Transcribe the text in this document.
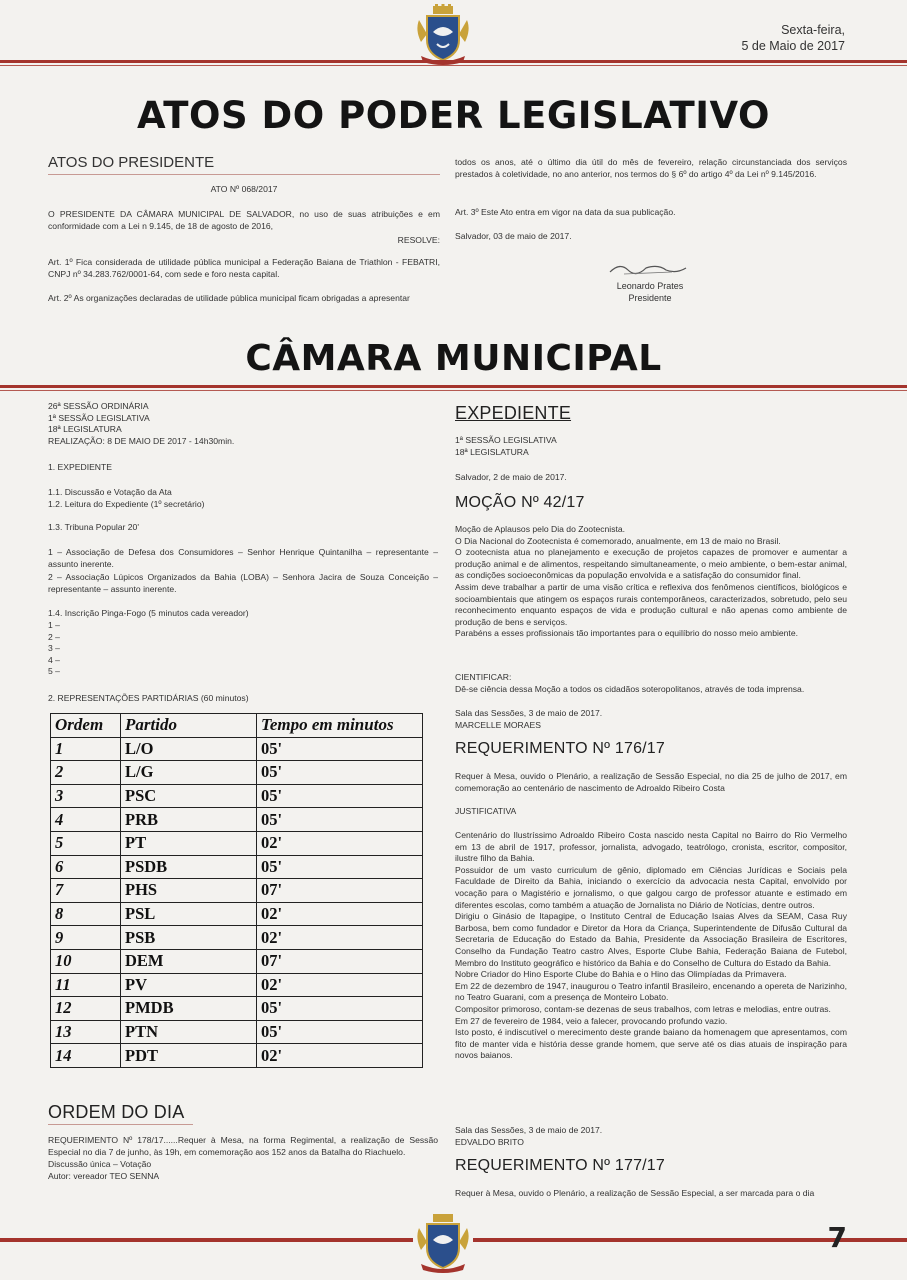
Sexta-feira,
5 de Maio de 2017
ATOS DO PODER LEGISLATIVO
ATOS DO PRESIDENTE
ATO Nº 068/2017
O PRESIDENTE DA CÂMARA MUNICIPAL DE SALVADOR, no uso de suas atribuições e em conformidade com a Lei n 9.145, de 18 de agosto de 2016,
RESOLVE:
Art. 1º Fica considerada de utilidade pública municipal a Federação Baiana de Triathlon - FEBATRI, CNPJ nº 34.283.762/0001-64, com sede e foro nesta capital.
Art. 2º As organizações declaradas de utilidade pública municipal ficam obrigadas a apresentar
todos os anos, até o último dia útil do mês de fevereiro, relação circunstanciada dos serviços prestados à coletividade, no ano anterior, nos termos do § 6º do artigo 4º da Lei nº 9.145/2016.
Art. 3º Este Ato entra em vigor na data da sua publicação.
Salvador, 03 de maio de 2017.
Leonardo Prates
Presidente
CÂMARA MUNICIPAL
26ª SESSÃO ORDINÁRIA
1ª SESSÃO LEGISLATIVA
18ª LEGISLATURA
REALIZAÇÃO: 8 DE MAIO DE 2017 - 14h30min.
1. EXPEDIENTE
1.1. Discussão e Votação da Ata
1.2. Leitura do Expediente (1º secretário)
1.3. Tribuna Popular 20'
1 – Associação de Defesa dos Consumidores – Senhor Henrique Quintanilha – representante – assunto inerente.
2 – Associação Lúpicos Organizados da Bahia (LOBA) – Senhora Jacira de Souza Conceição – representante – assunto inerente.
1.4. Inscrição Pinga-Fogo (5 minutos cada vereador)
1 –
2 –
3 –
4 –
5 –
2. REPRESENTAÇÕES PARTIDÁRIAS (60 minutos)
Ordem	Partido	Tempo em minutos
1	L/O	05'
2	L/G	05'
3	PSC	05'
4	PRB	05'
5	PT	02'
6	PSDB	05'
7	PHS	07'
8	PSL	02'
9	PSB	02'
10	DEM	07'
11	PV	02'
12	PMDB	05'
13	PTN	05'
14	PDT	02'
ORDEM DO DIA
REQUERIMENTO Nº 178/17......Requer à Mesa, na forma Regimental, a realização de Sessão Especial no dia 7 de junho, às 19h, em comemoração aos 152 anos da Batalha do Riachuelo.
Discussão única – Votação
Autor: vereador TEO SENNA
EXPEDIENTE
1ª SESSÃO LEGISLATIVA
18ª LEGISLATURA
Salvador, 2 de maio de 2017.
MOÇÃO Nº 42/17
Moção de Aplausos pelo Dia do Zootecnista.
O Dia Nacional do Zootecnista é comemorado, anualmente, em 13 de maio no Brasil.
O zootecnista atua no planejamento e execução de projetos capazes de promover e aumentar a produção animal e de alimentos, respeitando simultaneamente, o meio ambiente, o bem-estar animal, as condições socioeconômicas da população envolvida e a satisfação do consumidor final.
Assim deve trabalhar a partir de uma visão crítica e reflexiva dos fenômenos científicos, biológicos e socioambientais que atingem os espaços rurais contemporâneos, caracterizados, sobretudo, pelo seu reconhecimento enquanto espaços de vida e produção cultural e não apenas como ambiente de produção de bens e serviços.
Parabéns a esses profissionais tão importantes para o equilíbrio do nosso meio ambiente.
CIENTIFICAR:
Dê-se ciência dessa Moção a todos os cidadãos soteropolitanos, através de toda imprensa.
Sala das Sessões, 3 de maio de 2017.
MARCELLE MORAES
REQUERIMENTO Nº 176/17
Requer à Mesa, ouvido o Plenário, a realização de Sessão Especial, no dia 25 de julho de 2017, em comemoração ao centenário de nascimento de Adroaldo Ribeiro Costa
JUSTIFICATIVA
Centenário do Ilustríssimo Adroaldo Ribeiro Costa nascido nesta Capital no Bairro do Rio Vermelho em 13 de abril de 1917, professor, jornalista, advogado, teatrólogo, cronista, escritor, compositor, ilustre filho da Bahia.
Possuidor de um vasto curriculum de gênio, diplomado em Ciências Jurídicas e Sociais pela Faculdade de Direito da Bahia, iniciando o exercício da advocacia nesta Capital, envolvido por vocação para o Magistério e jornalismo, o que galgou cargo de professor atuante e estimado em diferentes escolas, como também a atuação de Jornalista no Diário de Notícias, dentre outros.
Dirigiu o Ginásio de Itapagipe, o Instituto Central de Educação Isaias Alves da SEAM, Casa Ruy Barbosa, bem como fundador e Diretor da Hora da Criança, Superintendente de Difusão Cultural da Secretaria de Educação do Estado da Bahia, Presidente da Associação Brasileira de Escritores, Conselho da Fundação Teatro castro Alves, Esporte Clube Bahia, Federação Baiana de Futebol, Membro do Instituto geográfico e histórico da Bahia e do Conselho de Cultura do Estado da Bahia.
Nobre Criador do Hino Esporte Clube do Bahia e o Hino das Olimpíadas da Primavera.
Em 22 de dezembro de 1947, inaugurou o Teatro infantil Brasileiro, encenando a opereta de Narizinho, no Teatro Guarani, com a presença de Monteiro Lobato.
Compositor primoroso, contam-se dezenas de seus trabalhos, com letras e melodias, entre outras.
Em 27 de fevereiro de 1984, veio a falecer, provocando profundo vazio.
Isto posto, é indiscutível o merecimento deste grande baiano da homenagem que apresentamos, com fito de manter vida e história desse grande homem, que serve até os dias atuais de inspiração para novos baianos.
Sala das Sessões, 3 de maio de 2017.
EDVALDO BRITO
REQUERIMENTO Nº 177/17
Requer à Mesa, ouvido o Plenário, a realização de Sessão Especial, a ser marcada para o dia
7
